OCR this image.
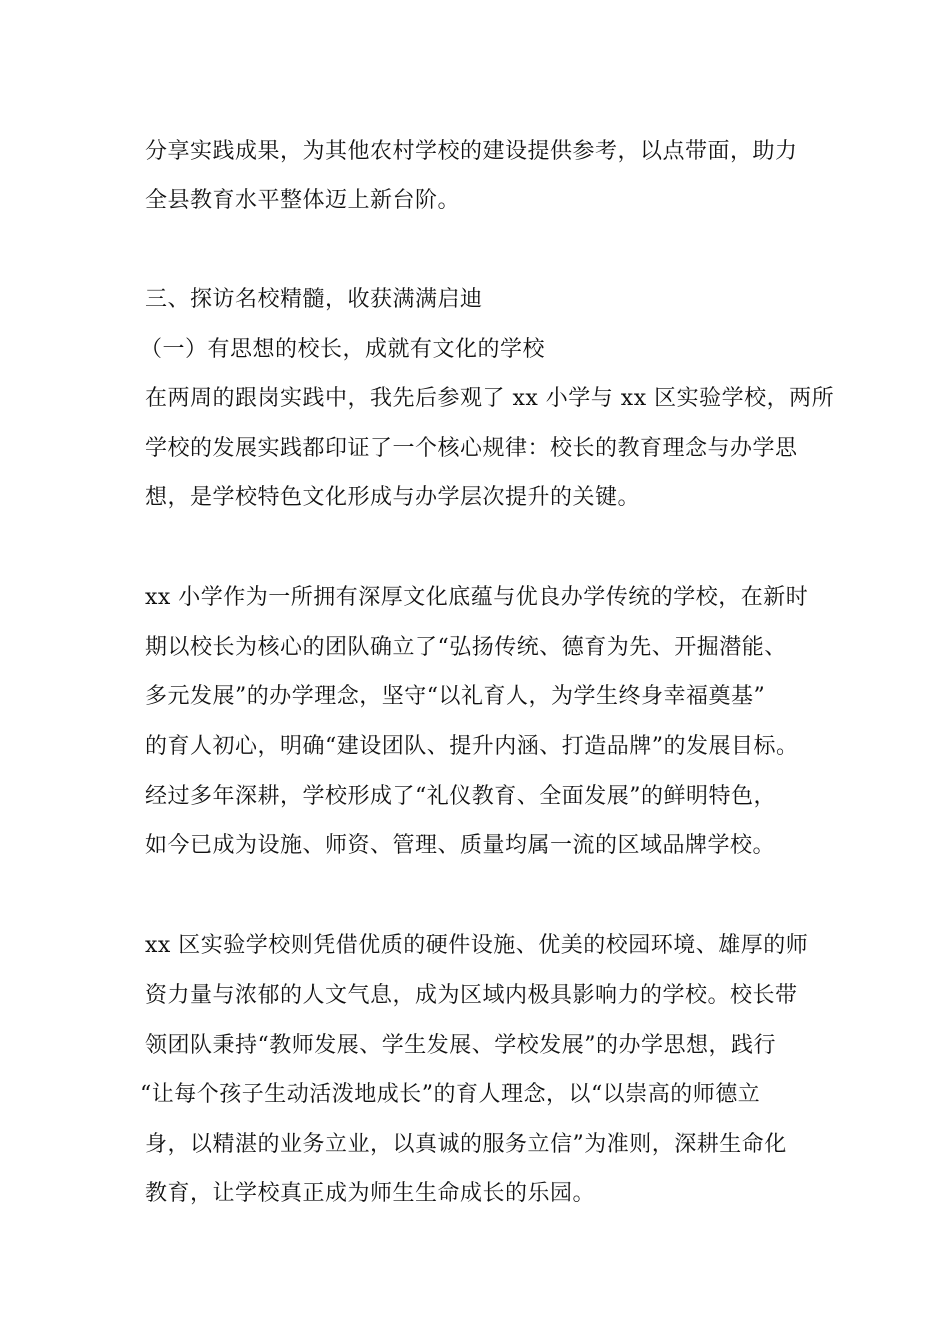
分享实践成果，为其他农村学校的建设提供参考，以点带面，助力
全县教育水平整体迈上新台阶。
三、探访名校精髓，收获满满启迪
（一）有思想的校长，成就有文化的学校
在两周的跟岗实践中，我先后参观了 xx 小学与 xx 区实验学校，两所
学校的发展实践都印证了一个核心规律：校长的教育理念与办学思
想，是学校特色文化形成与办学层次提升的关键。
xx 小学作为一所拥有深厚文化底蕴与优良办学传统的学校，在新时
期以校长为核心的团队确立了“弘扬传统、德育为先、开掘潜能、
多元发展”的办学理念，坚守“以礼育人，为学生终身幸福奠基”
的育人初心，明确“建设团队、提升内涵、打造品牌”的发展目标。
经过多年深耕，学校形成了“礼仪教育、全面发展”的鲜明特色，
如今已成为设施、师资、管理、质量均属一流的区域品牌学校。
xx 区实验学校则凭借优质的硬件设施、优美的校园环境、雄厚的师
资力量与浓郁的人文气息，成为区域内极具影响力的学校。校长带
领团队秉持“教师发展、学生发展、学校发展”的办学思想，践行
“让每个孩子生动活泼地成长”的育人理念，以“以崇高的师德立
身，以精湛的业务立业，以真诚的服务立信”为准则，深耕生命化
教育，让学校真正成为师生生命成长的乐园。
